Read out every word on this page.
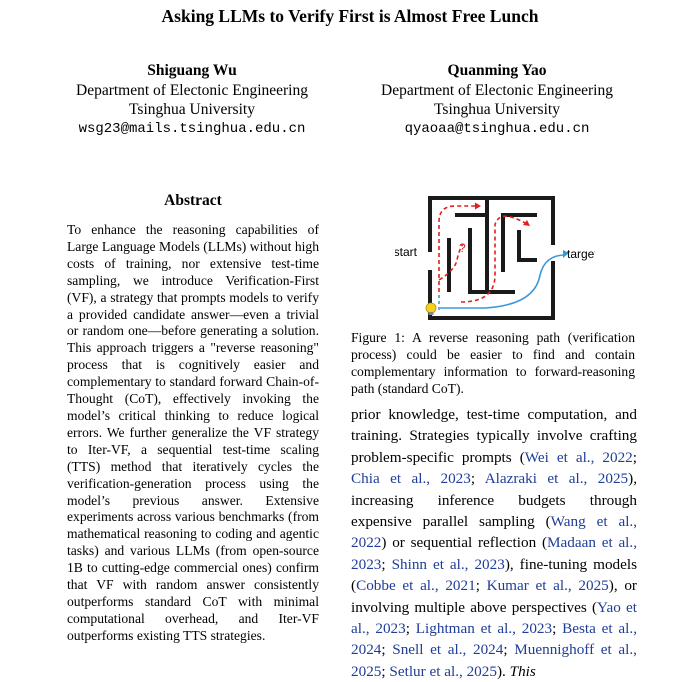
Asking LLMs to Verify First is Almost Free Lunch
Shiguang Wu
Department of Electonic Engineering
Tsinghua University
wsg23@mails.tsinghua.edu.cn
Quanming Yao
Department of Electonic Engineering
Tsinghua University
qyaoaa@tsinghua.edu.cn
Abstract
To enhance the reasoning capabilities of Large Language Models (LLMs) without high costs of training, nor extensive test-time sampling, we introduce Verification-First (VF), a strategy that prompts models to verify a provided candidate answer—even a trivial or random one—before generating a solution. This approach triggers a "reverse reasoning" process that is cognitively easier and complementary to standard forward Chain-of-Thought (CoT), effectively invoking the model’s critical thinking to reduce logical errors. We further generalize the VF strategy to Iter-VF, a sequential test-time scaling (TTS) method that iteratively cycles the verification-generation process using the model’s previous answer. Extensive experiments across various benchmarks (from mathematical reasoning to coding and agentic tasks) and various LLMs (from open-source 1B to cutting-edge commercial ones) confirm that VF with random answer consistently outperforms standard CoT with minimal computational overhead, and Iter-VF outperforms existing TTS strategies.
start	target
?
Figure 1: A reverse reasoning path (verification process) could be easier to find and contain complementary information to forward-reasoning path (standard CoT).
prior knowledge, test-time computation, and training. Strategies typically involve crafting problem-specific prompts (Wei et al., 2022; Chia et al., 2023; Alazraki et al., 2025), increasing inference budgets through expensive parallel sampling (Wang et al., 2022) or sequential reflection (Madaan et al., 2023; Shinn et al., 2023), fine-tuning models (Cobbe et al., 2021; Kumar et al., 2025), or involving multiple above perspectives (Yao et al., 2023; Lightman et al., 2023; Besta et al., 2024; Snell et al., 2024; Muennighoff et al., 2025; Setlur et al., 2025). This
